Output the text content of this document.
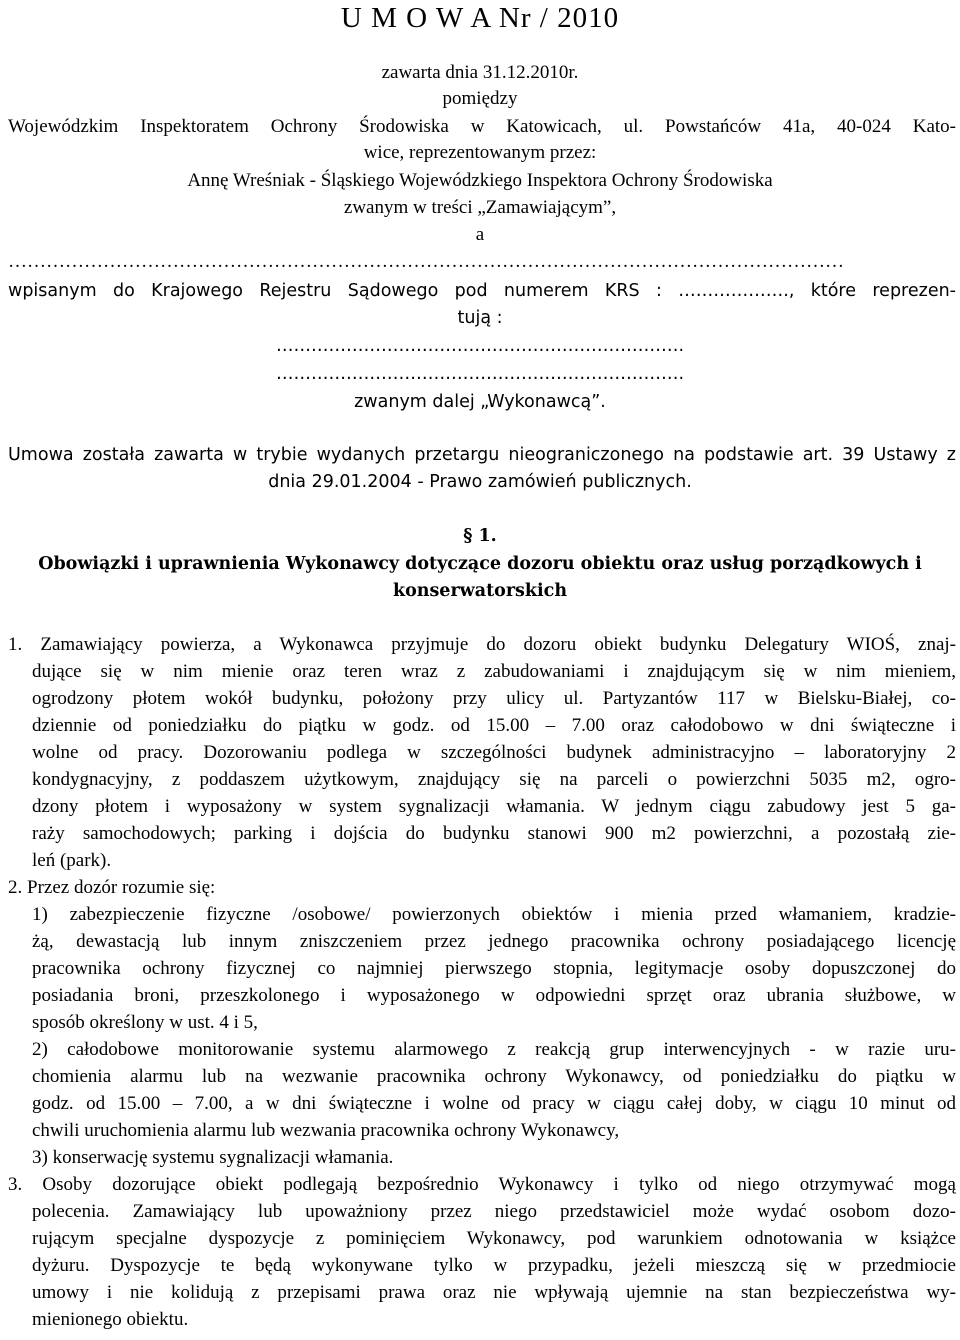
U M O W A Nr / 2010
zawarta dnia 31.12.2010r.
pomiędzy
Wojewódzkim Inspektoratem Ochrony Środowiska w Katowicach, ul. Powstańców 41a, 40-024 Kato-
wice, reprezentowanym przez:
Annę Wreśniak - Śląskiego Wojewódzkiego Inspektora Ochrony Środowiska
zwanym w treści „Zamawiającym”,
a
……………………………………………………………………………………………………………………
wpisanym do Krajowego Rejestru Sądowego pod numerem KRS : ………………., które reprezen-
tują :
…………………………………………………………….
…………………………………………………………….
zwanym dalej „Wykonawcą”.
Umowa została zawarta w trybie wydanych przetargu nieograniczonego na podstawie art. 39 Ustawy z
dnia 29.01.2004 - Prawo zamówień publicznych.
§ 1.
Obowiązki i uprawnienia Wykonawcy dotyczące dozoru obiektu oraz usług porządkowych i
konserwatorskich
1. Zamawiający powierza, a Wykonawca przyjmuje do dozoru obiekt budynku Delegatury WIOŚ, znaj-
dujące się w nim mienie oraz teren wraz z zabudowaniami i znajdującym się w nim mieniem,
ogrodzony płotem wokół budynku, położony przy ulicy ul. Partyzantów 117 w Bielsku-Białej, co-
dziennie od poniedziałku do piątku w godz. od 15.00 – 7.00 oraz całodobowo w dni świąteczne i
wolne od pracy. Dozorowaniu podlega w szczególności budynek administracyjno – laboratoryjny 2
kondygnacyjny, z poddaszem użytkowym, znajdujący się na parceli o powierzchni 5035 m2, ogro-
dzony płotem i wyposażony w system sygnalizacji włamania. W jednym ciągu zabudowy jest 5 ga-
raży samochodowych; parking i dojścia do budynku stanowi 900 m2 powierzchni, a pozostałą zie-
leń (park).
2. Przez dozór rozumie się:
1) zabezpieczenie fizyczne /osobowe/ powierzonych obiektów i mienia przed włamaniem, kradzie-
żą, dewastacją lub innym zniszczeniem przez jednego pracownika ochrony posiadającego licencję
pracownika ochrony fizycznej co najmniej pierwszego stopnia, legitymacje osoby dopuszczonej do
posiadania broni, przeszkolonego i wyposażonego w odpowiedni sprzęt oraz ubrania służbowe, w
sposób określony w ust. 4 i 5,
2) całodobowe monitorowanie systemu alarmowego z reakcją grup interwencyjnych - w razie uru-
chomienia alarmu lub na wezwanie pracownika ochrony Wykonawcy, od poniedziałku do piątku w
godz. od 15.00 – 7.00, a w dni świąteczne i wolne od pracy w ciągu całej doby, w ciągu 10 minut od
chwili uruchomienia alarmu lub wezwania pracownika ochrony Wykonawcy,
3) konserwację systemu sygnalizacji włamania.
3. Osoby dozorujące obiekt podlegają bezpośrednio Wykonawcy i tylko od niego otrzymywać mogą
polecenia. Zamawiający lub upoważniony przez niego przedstawiciel może wydać osobom dozo-
rującym specjalne dyspozycje z pominięciem Wykonawcy, pod warunkiem odnotowania w książce
dyżuru. Dyspozycje te będą wykonywane tylko w przypadku, jeżeli mieszczą się w przedmiocie
umowy i nie kolidują z przepisami prawa oraz nie wpływają ujemnie na stan bezpieczeństwa wy-
mienionego obiektu.
